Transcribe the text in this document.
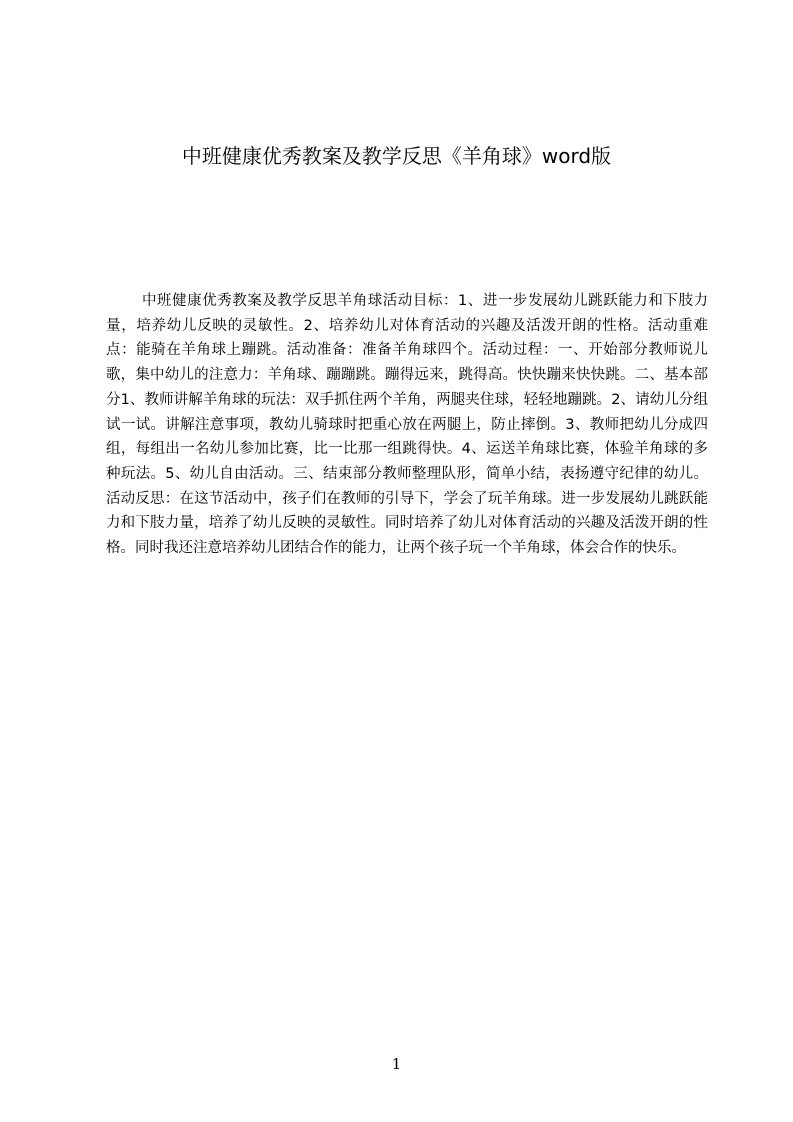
中班健康优秀教案及教学反思《羊角球》word版

中班健康优秀教案及教学反思羊角球活动目标：1、进一步发展幼儿跳跃能力和下肢力量，培养幼儿反映的灵敏性。2、培养幼儿对体育活动的兴趣及活泼开朗的性格。活动重难点：能骑在羊角球上蹦跳。活动准备：准备羊角球四个。活动过程：一、开始部分教师说儿歌，集中幼儿的注意力：羊角球、蹦蹦跳。蹦得远来，跳得高。快快蹦来快快跳。二、基本部分1、教师讲解羊角球的玩法：双手抓住两个羊角，两腿夹住球，轻轻地蹦跳。2、请幼儿分组试一试。讲解注意事项，教幼儿骑球时把重心放在两腿上，防止摔倒。3、教师把幼儿分成四组，每组出一名幼儿参加比赛，比一比那一组跳得快。4、运送羊角球比赛，体验羊角球的多种玩法。5、幼儿自由活动。三、结束部分教师整理队形，简单小结，表扬遵守纪律的幼儿。活动反思：在这节活动中，孩子们在教师的引导下，学会了玩羊角球。进一步发展幼儿跳跃能力和下肢力量，培养了幼儿反映的灵敏性。同时培养了幼儿对体育活动的兴趣及活泼开朗的性格。同时我还注意培养幼儿团结合作的能力，让两个孩子玩一个羊角球，体会合作的快乐。

1
